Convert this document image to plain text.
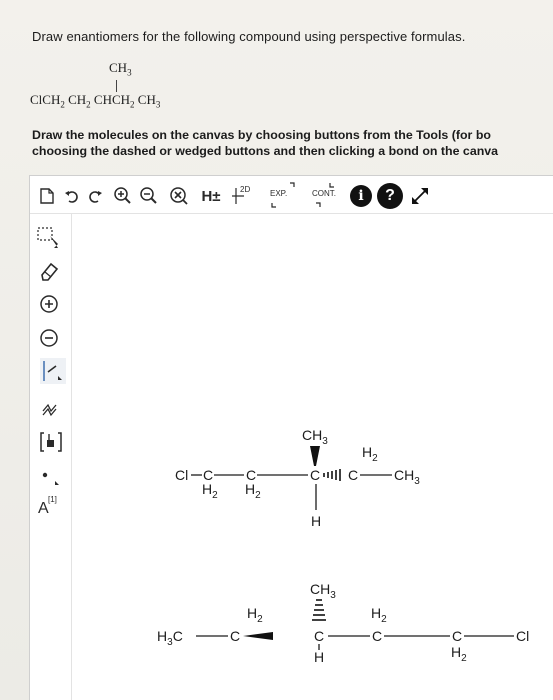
Draw enantiomers for the following compound using perspective formulas.
$CH_3$
ClCH$_2$ $CH_2$ $CHCH_2$ $CH_3$
Draw the molecules on the canvas by choosing buttons from the Tools (for bo
choosing the dashed or wedged buttons and then clicking a bond on the canva
H± 2D EXP.	CONT. i ?
A
[1]
Cl C
$H_2$
C
$H_2$
C
$CH_3$
H
C
$H_2$
$CH_3$
$H_3C$	C
$H_2$
$CH_3$
C
H
C
$H_2$
C
$H_2$
Cl
